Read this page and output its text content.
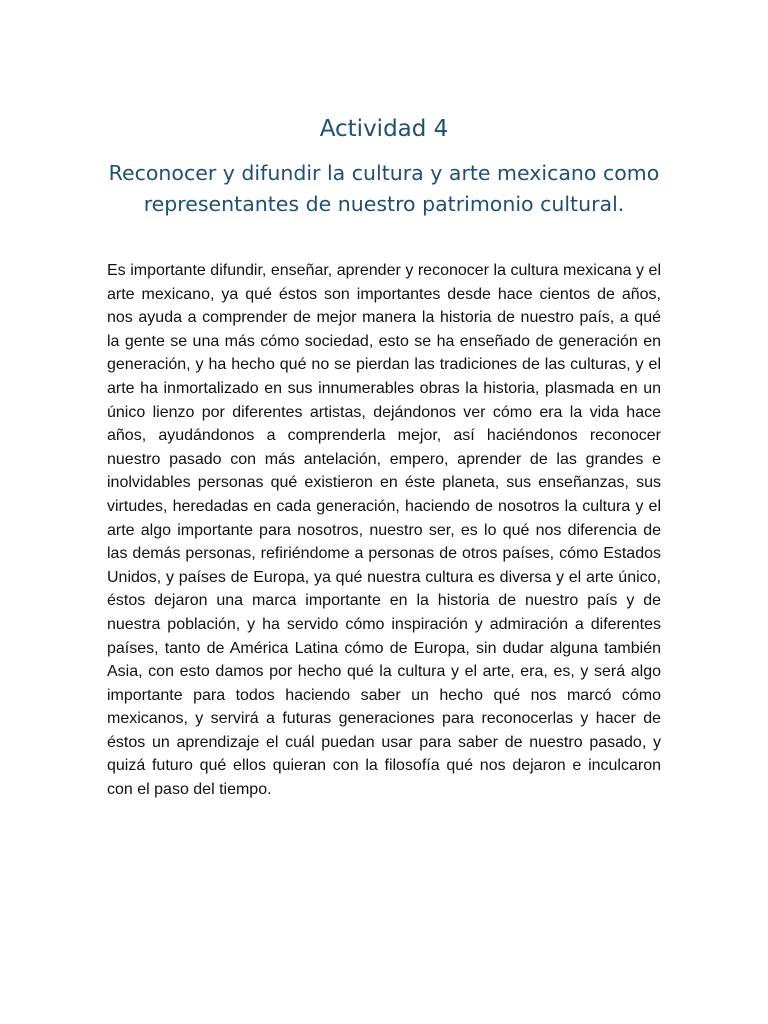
Actividad 4
Reconocer y difundir la cultura y arte mexicano como representantes de nuestro patrimonio cultural.

Es importante difundir, enseñar, aprender y reconocer la cultura mexicana y el arte mexicano, ya qué éstos son importantes desde hace cientos de años, nos ayuda a comprender de mejor manera la historia de nuestro país, a qué la gente se una más cómo sociedad, esto se ha enseñado de generación en generación, y ha hecho qué no se pierdan las tradiciones de las culturas, y el arte ha inmortalizado en sus innumerables obras la historia, plasmada en un único lienzo por diferentes artistas, dejándonos ver cómo era la vida hace años, ayudándonos a comprenderla mejor, así haciéndonos reconocer nuestro pasado con más antelación, empero, aprender de las grandes e inolvidables personas qué existieron en éste planeta, sus enseñanzas, sus virtudes, heredadas en cada generación, haciendo de nosotros la cultura y el arte algo importante para nosotros, nuestro ser, es lo qué nos diferencia de las demás personas, refiriéndome a personas de otros países, cómo Estados Unidos, y países de Europa, ya qué nuestra cultura es diversa y el arte único, éstos dejaron una marca importante en la historia de nuestro país y de nuestra población, y ha servido cómo inspiración y admiración a diferentes países, tanto de América Latina cómo de Europa, sin dudar alguna también Asia, con esto damos por hecho qué la cultura y el arte, era, es, y será algo importante para todos haciendo saber un hecho qué nos marcó cómo mexicanos, y servirá a futuras generaciones para reconocerlas y hacer de éstos un aprendizaje el cuál puedan usar para saber de nuestro pasado, y quizá futuro qué ellos quieran con la filosofía qué nos dejaron e inculcaron con el paso del tiempo.
